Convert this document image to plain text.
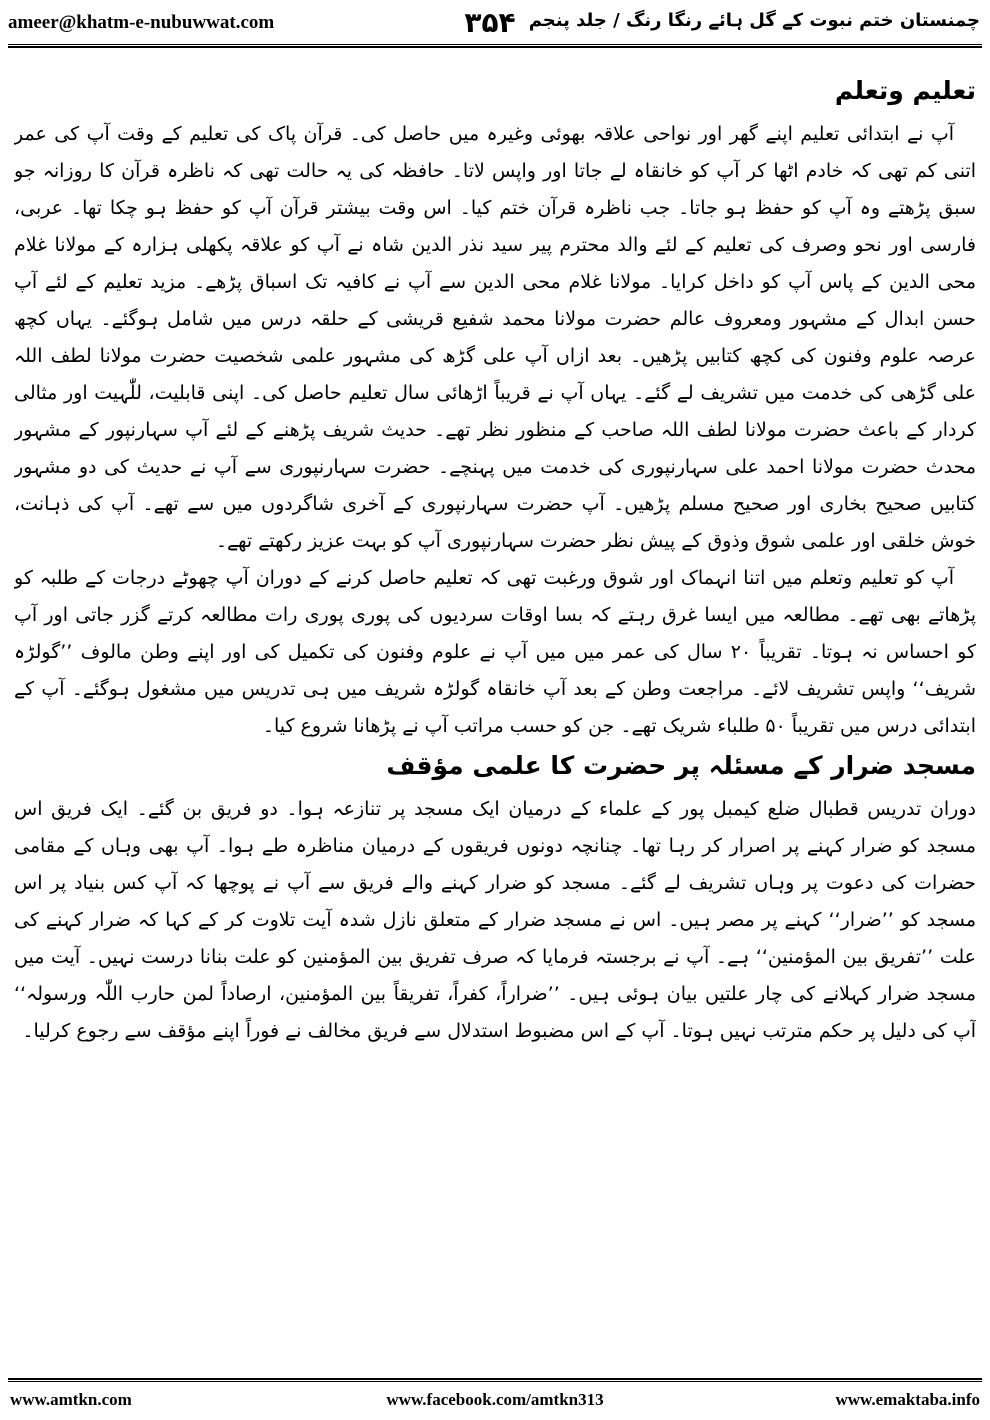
ameer@khatm-e-nubuwwat.com	۳۵۴ چمنستان ختم نبوت کے گل ہائے رنگا رنگ / جلد پنجم
تعلیم وتعلم

آپ نے ابتدائی تعلیم اپنے گھر اور نواحی علاقہ بھوئی وغیرہ میں حاصل کی۔ قرآن پاک کی تعلیم کے وقت آپ کی عمر اتنی کم تھی کہ خادم اٹھا کر آپ کو خانقاہ لے جاتا اور واپس لاتا۔ حافظہ کی یہ حالت تھی کہ ناظرہ قرآن کا روزانہ جو سبق پڑھتے وہ آپ کو حفظ ہو جاتا۔ جب ناظرہ قرآن ختم کیا۔ اس وقت بیشتر قرآن آپ کو حفظ ہو چکا تھا۔ عربی، فارسی اور نحو وصرف کی تعلیم کے لئے والد محترم پیر سید نذر الدین شاہ نے آپ کو علاقہ پکھلی ہزارہ کے مولانا غلام محی الدین کے پاس آپ کو داخل کرایا۔ مولانا غلام محی الدین سے آپ نے کافیہ تک اسباق پڑھے۔ مزید تعلیم کے لئے آپ حسن ابدال کے مشہور ومعروف عالم حضرت مولانا محمد شفیع قریشی کے حلقہ درس میں شامل ہوگئے۔ یہاں کچھ عرصہ علوم وفنون کی کچھ کتابیں پڑھیں۔ بعد ازاں آپ علی گڑھ کی مشہور علمی شخصیت حضرت مولانا لطف اللہ علی گڑھی کی خدمت میں تشریف لے گئے۔ یہاں آپ نے قریباً اڑھائی سال تعلیم حاصل کی۔ اپنی قابلیت، للّٰہیت اور مثالی کردار کے باعث حضرت مولانا لطف اللہ صاحب کے منظور نظر تھے۔ حدیث شریف پڑھنے کے لئے آپ سہارنپور کے مشہور محدث حضرت مولانا احمد علی سہارنپوری کی خدمت میں پہنچے۔ حضرت سہارنپوری سے آپ نے حدیث کی دو مشہور کتابیں صحیح بخاری اور صحیح مسلم پڑھیں۔ آپ حضرت سہارنپوری کے آخری شاگردوں میں سے تھے۔ آپ کی ذہانت، خوش خلقی اور علمی شوق وذوق کے پیش نظر حضرت سہارنپوری آپ کو بہت عزیز رکھتے تھے۔

آپ کو تعلیم وتعلم میں اتنا انہماک اور شوق ورغبت تھی کہ تعلیم حاصل کرنے کے دوران آپ چھوٹے درجات کے طلبہ کو پڑھاتے بھی تھے۔ مطالعہ میں ایسا غرق رہتے کہ بسا اوقات سردیوں کی پوری پوری رات مطالعہ کرتے گزر جاتی اور آپ کو احساس نہ ہوتا۔ تقریباً ۲۰ سال کی عمر میں میں آپ نے علوم وفنون کی تکمیل کی اور اپنے وطن مالوف ’’گولڑہ شریف‘‘ واپس تشریف لائے۔ مراجعت وطن کے بعد آپ خانقاہ گولڑہ شریف میں ہی تدریس میں مشغول ہوگئے۔ آپ کے ابتدائی درس میں تقریباً ۵۰ طلباء شریک تھے۔ جن کو حسب مراتب آپ نے پڑھانا شروع کیا۔

مسجد ضرار کے مسئلہ پر حضرت کا علمی مؤقف

دوران تدریس قطبال ضلع کیمبل پور کے علماء کے درمیان ایک مسجد پر تنازعہ ہوا۔ دو فریق بن گئے۔ ایک فریق اس مسجد کو ضرار کہنے پر اصرار کر رہا تھا۔ چنانچہ دونوں فریقوں کے درمیان مناظرہ طے ہوا۔ آپ بھی وہاں کے مقامی حضرات کی دعوت پر وہاں تشریف لے گئے۔ مسجد کو ضرار کہنے والے فریق سے آپ نے پوچھا کہ آپ کس بنیاد پر اس مسجد کو ’’ضرار‘‘ کہنے پر مصر ہیں۔ اس نے مسجد ضرار کے متعلق نازل شدہ آیت تلاوت کر کے کہا کہ ضرار کہنے کی علت ’’تفریق بین المؤمنین‘‘ ہے۔ آپ نے برجستہ فرمایا کہ صرف تفریق بین المؤمنین کو علت بنانا درست نہیں۔ آیت میں مسجد ضرار کہلانے کی چار علتیں بیان ہوئی ہیں۔ ’’ضراراً، کفراً، تفریقاً بین المؤمنین، ارصاداً لمن حارب اللّٰہ ورسولہ‘‘ آپ کی دلیل پر حکم مترتب نہیں ہوتا۔ آپ کے اس مضبوط استدلال سے فریق مخالف نے فوراً اپنے مؤقف سے رجوع کرلیا۔

www.amtkn.com	www.facebook.com/amtkn313	www.emaktaba.info
